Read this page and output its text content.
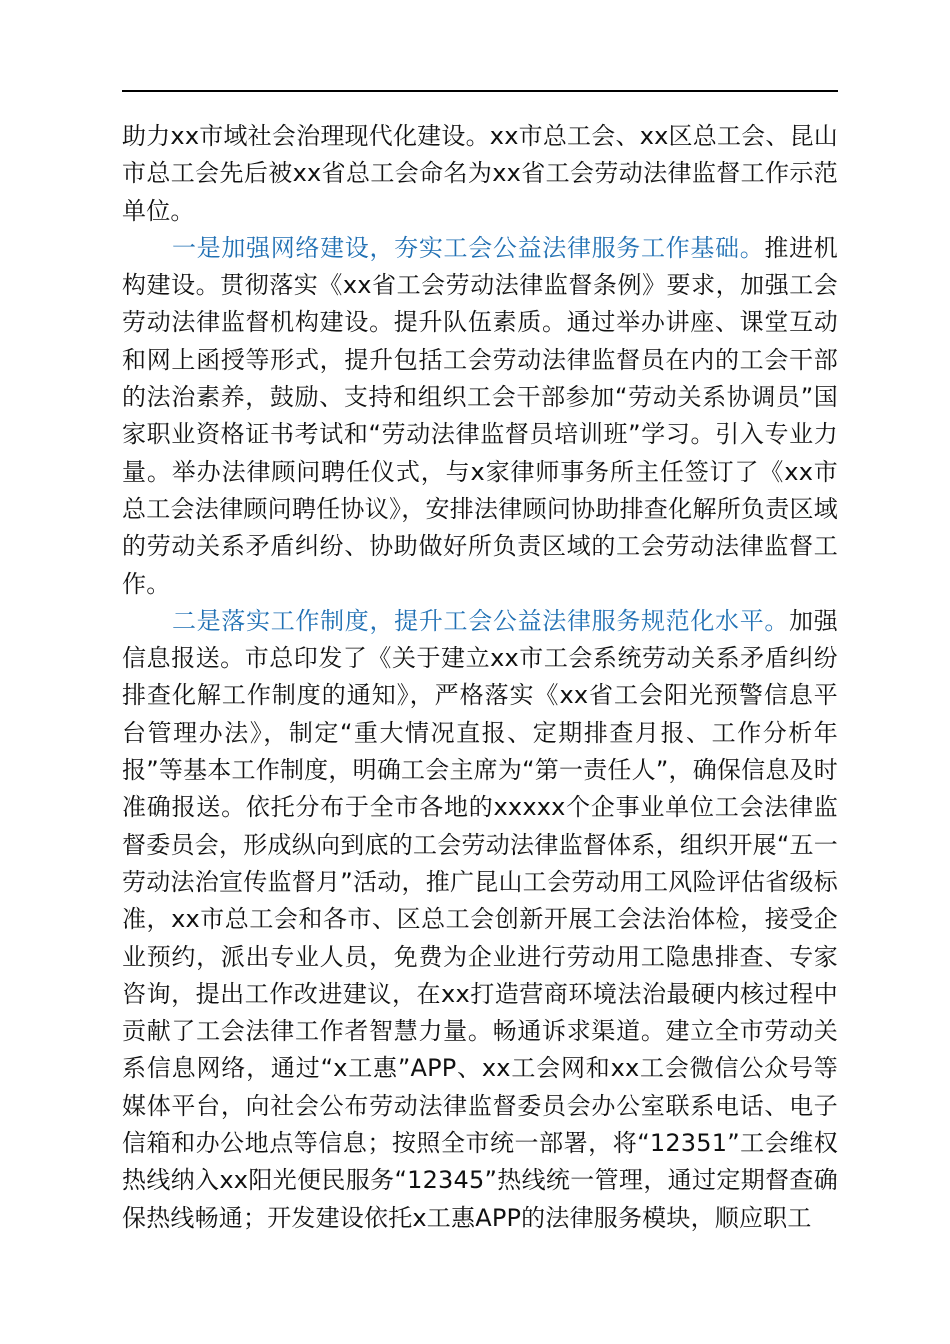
助力xx市域社会治理现代化建设。xx市总工会、xx区总工会、昆山市总工会先后被xx省总工会命名为xx省工会劳动法律监督工作示范单位。

一是加强网络建设，夯实工会公益法律服务工作基础。推进机构建设。贯彻落实《xx省工会劳动法律监督条例》要求，加强工会劳动法律监督机构建设。提升队伍素质。通过举办讲座、课堂互动和网上函授等形式，提升包括工会劳动法律监督员在内的工会干部的法治素养，鼓励、支持和组织工会干部参加“劳动关系协调员”国家职业资格证书考试和“劳动法律监督员培训班”学习。引入专业力量。举办法律顾问聘任仪式，与x家律师事务所主任签订了《xx市总工会法律顾问聘任协议》，安排法律顾问协助排查化解所负责区域的劳动关系矛盾纠纷、协助做好所负责区域的工会劳动法律监督工作。

二是落实工作制度，提升工会公益法律服务规范化水平。加强信息报送。市总印发了《关于建立xx市工会系统劳动关系矛盾纠纷排查化解工作制度的通知》，严格落实《xx省工会阳光预警信息平台管理办法》，制定“重大情况直报、定期排查月报、工作分析年报”等基本工作制度，明确工会主席为“第一责任人”，确保信息及时准确报送。依托分布于全市各地的xxxxx个企事业单位工会法律监督委员会，形成纵向到底的工会劳动法律监督体系，组织开展“五一劳动法治宣传监督月”活动，推广昆山工会劳动用工风险评估省级标准，xx市总工会和各市、区总工会创新开展工会法治体检，接受企业预约，派出专业人员，免费为企业进行劳动用工隐患排查、专家咨询，提出工作改进建议，在xx打造营商环境法治最硬内核过程中贡献了工会法律工作者智慧力量。畅通诉求渠道。建立全市劳动关系信息网络，通过“x工惠”APP、xx工会网和xx工会微信公众号等媒体平台，向社会公布劳动法律监督委员会办公室联系电话、电子信箱和办公地点等信息；按照全市统一部署，将“12351”工会维权热线纳入xx阳光便民服务“12345”热线统一管理，通过定期督查确保热线畅通；开发建设依托x工惠APP的法律服务模块，顺应职工
